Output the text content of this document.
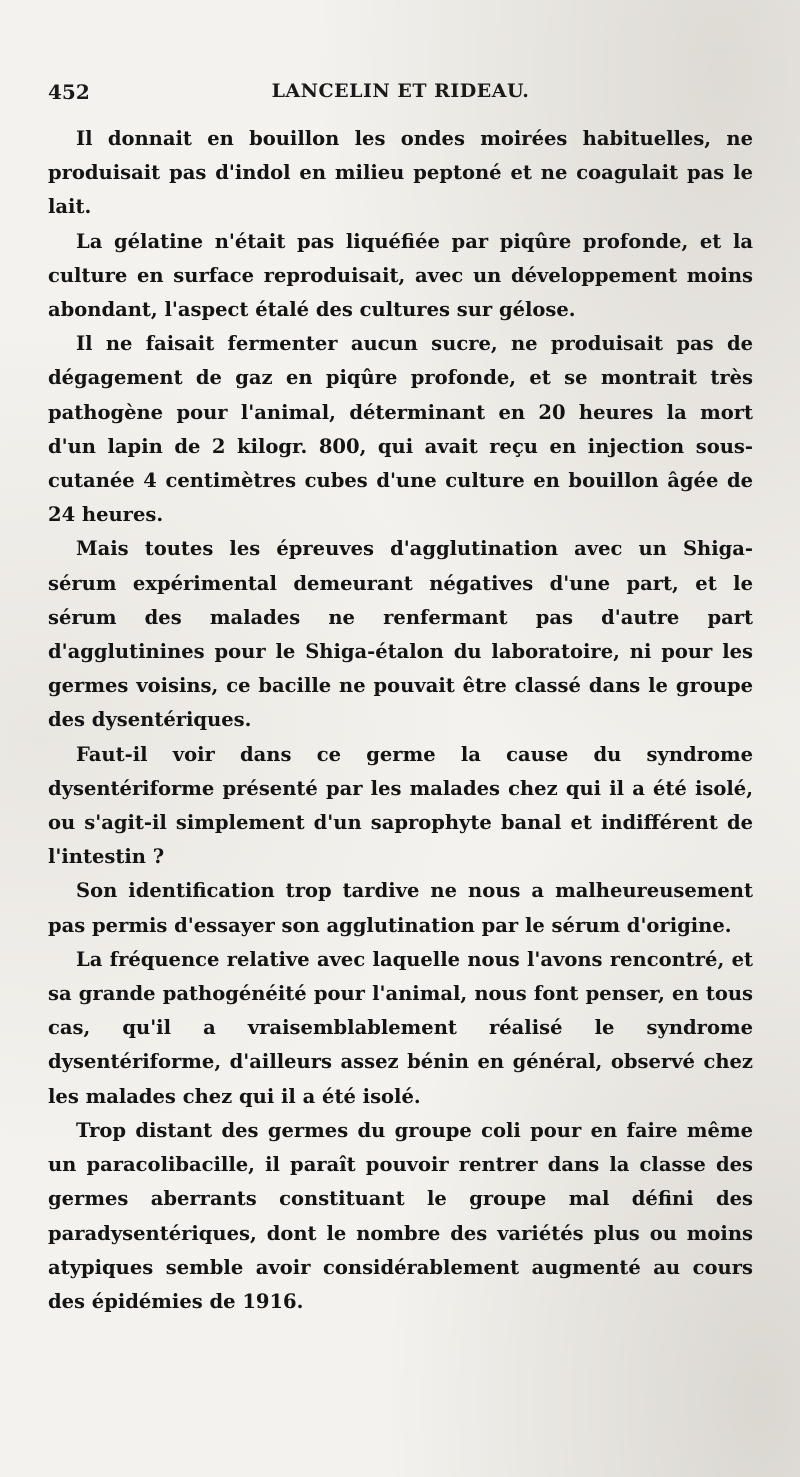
452	LANCELIN ET RIDEAU.

Il donnait en bouillon les ondes moirées habituelles, ne produisait pas d'indol en milieu peptoné et ne coagulait pas le lait.

La gélatine n'était pas liquéfiée par piqûre profonde, et la culture en surface reproduisait, avec un développement moins abondant, l'aspect étalé des cultures sur gélose.

Il ne faisait fermenter aucun sucre, ne produisait pas de dégagement de gaz en piqûre profonde, et se montrait très pathogène pour l'animal, déterminant en 20 heures la mort d'un lapin de 2 kilogr. 800, qui avait reçu en injection sous-cutanée 4 centimètres cubes d'une culture en bouillon âgée de 24 heures.

Mais toutes les épreuves d'agglutination avec un Shiga-sérum expérimental demeurant négatives d'une part, et le sérum des malades ne renfermant pas d'autre part d'agglutinines pour le Shiga-étalon du laboratoire, ni pour les germes voisins, ce bacille ne pouvait être classé dans le groupe des dysentériques.

Faut-il voir dans ce germe la cause du syndrome dysentériforme présenté par les malades chez qui il a été isolé, ou s'agit-il simplement d'un saprophyte banal et indifférent de l'intestin ?

Son identification trop tardive ne nous a malheureusement pas permis d'essayer son agglutination par le sérum d'origine.

La fréquence relative avec laquelle nous l'avons rencontré, et sa grande pathogénéité pour l'animal, nous font penser, en tous cas, qu'il a vraisemblablement réalisé le syndrome dysentériforme, d'ailleurs assez bénin en général, observé chez les malades chez qui il a été isolé.

Trop distant des germes du groupe coli pour en faire même un paracolibacille, il paraît pouvoir rentrer dans la classe des germes aberrants constituant le groupe mal défini des paradysentériques, dont le nombre des variétés plus ou moins atypiques semble avoir considérablement augmenté au cours des épidémies de 1916.
